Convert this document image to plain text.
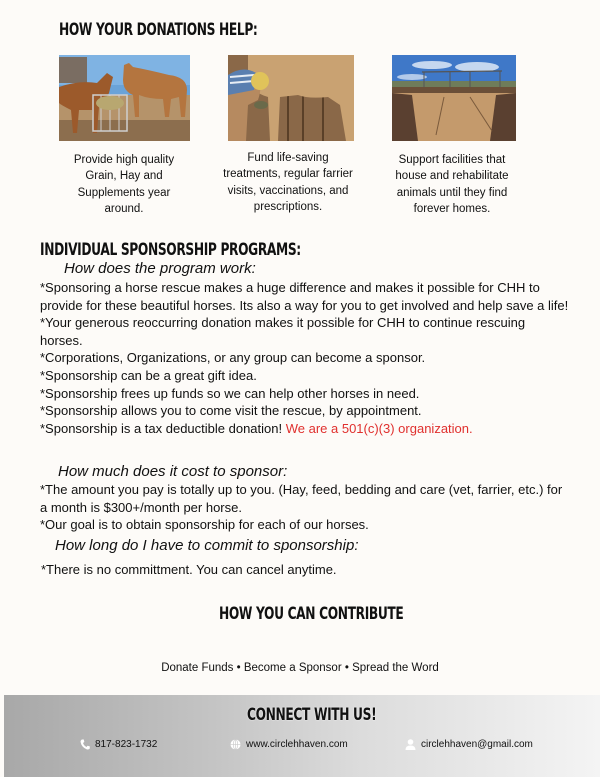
HOW YOUR DONATIONS HELP:
Provide high quality Grain, Hay and Supplements year around.
Fund life-saving treatments, regular farrier visits, vaccinations, and prescriptions.
Support facilities that house and rehabilitate animals until they find forever homes.
INDIVIDUAL SPONSORSHIP PROGRAMS:
How does the program work:

*Sponsoring a horse rescue makes a huge difference and makes it possible for CHH to provide for these beautiful horses. Its also a way for you to get involved and help save a life!

*Your generous reoccurring donation makes it possible for CHH to continue rescuing horses.

*Corporations, Organizations, or any group can become a sponsor.

*Sponsorship can be a great gift idea.

*Sponsorship frees up funds so we can help other horses in need.

*Sponsorship allows you to come visit the rescue, by appointment.

*Sponsorship is a tax deductible donation! We are a 501(c)(3) organization.

How much does it cost to sponsor:

*The amount you pay is totally up to you. (Hay, feed, bedding and care (vet, farrier, etc.) for a month is $300+/month per horse.

*Our goal is to obtain sponsorship for each of our horses.

How long do I have to commit to sponsorship:

*There is no committment. You can cancel anytime.

HOW YOU CAN CONTRIBUTE
Donate Funds • Become a Sponsor • Spread the Word
CONNECT WITH US!
817-823-1732	www.circlehhaven.com	circlehhaven@gmail.com
